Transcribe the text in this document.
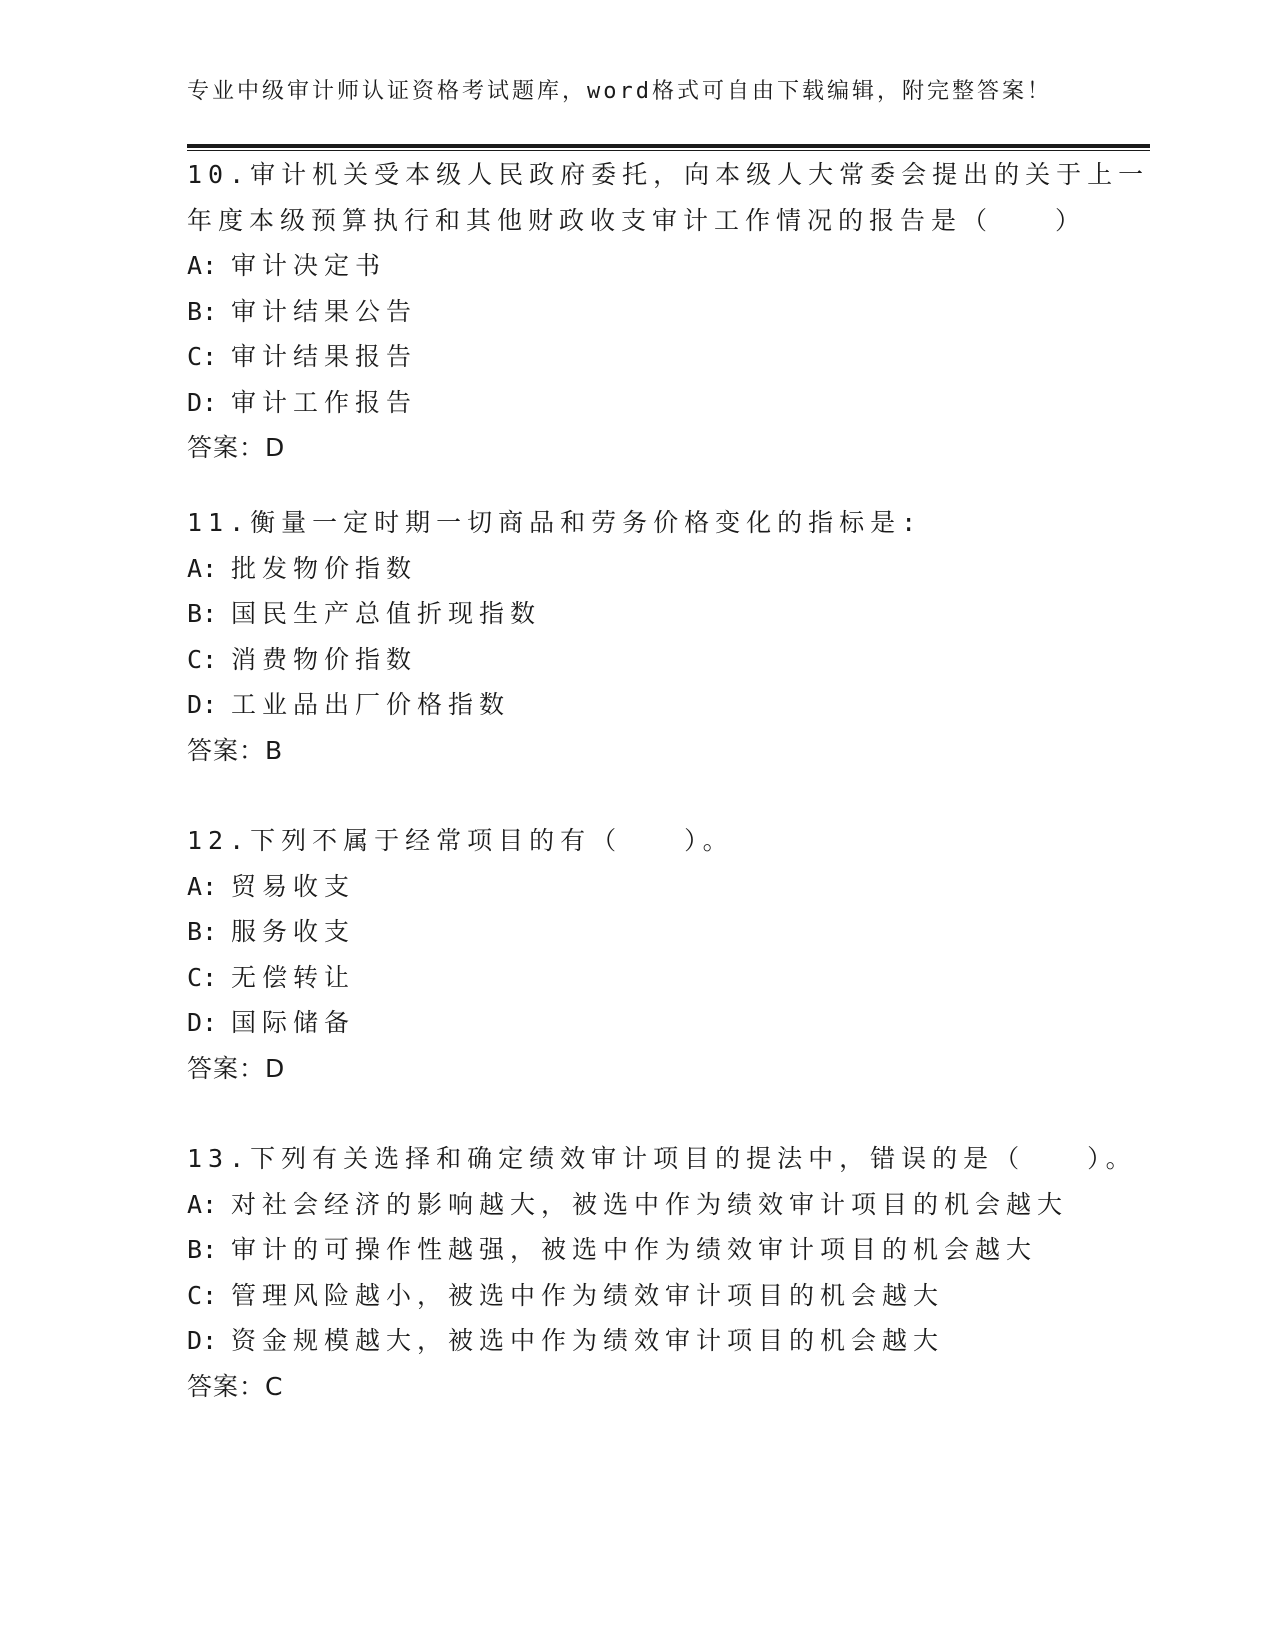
专业中级审计师认证资格考试题库，word格式可自由下载编辑，附完整答案！
10.审计机关受本级人民政府委托，向本级人大常委会提出的关于上一
年度本级预算执行和其他财政收支审计工作情况的报告是（　　）
A: 审计决定书
B: 审计结果公告
C: 审计结果报告
D: 审计工作报告
答案：D
11.衡量一定时期一切商品和劳务价格变化的指标是:
A: 批发物价指数
B: 国民生产总值折现指数
C: 消费物价指数
D: 工业品出厂价格指数
答案：B
12.下列不属于经常项目的有（　　）。
A: 贸易收支
B: 服务收支
C: 无偿转让
D: 国际储备
答案：D
13.下列有关选择和确定绩效审计项目的提法中，错误的是（　　）。
A: 对社会经济的影响越大，被选中作为绩效审计项目的机会越大
B: 审计的可操作性越强，被选中作为绩效审计项目的机会越大
C: 管理风险越小，被选中作为绩效审计项目的机会越大
D: 资金规模越大，被选中作为绩效审计项目的机会越大
答案：C
